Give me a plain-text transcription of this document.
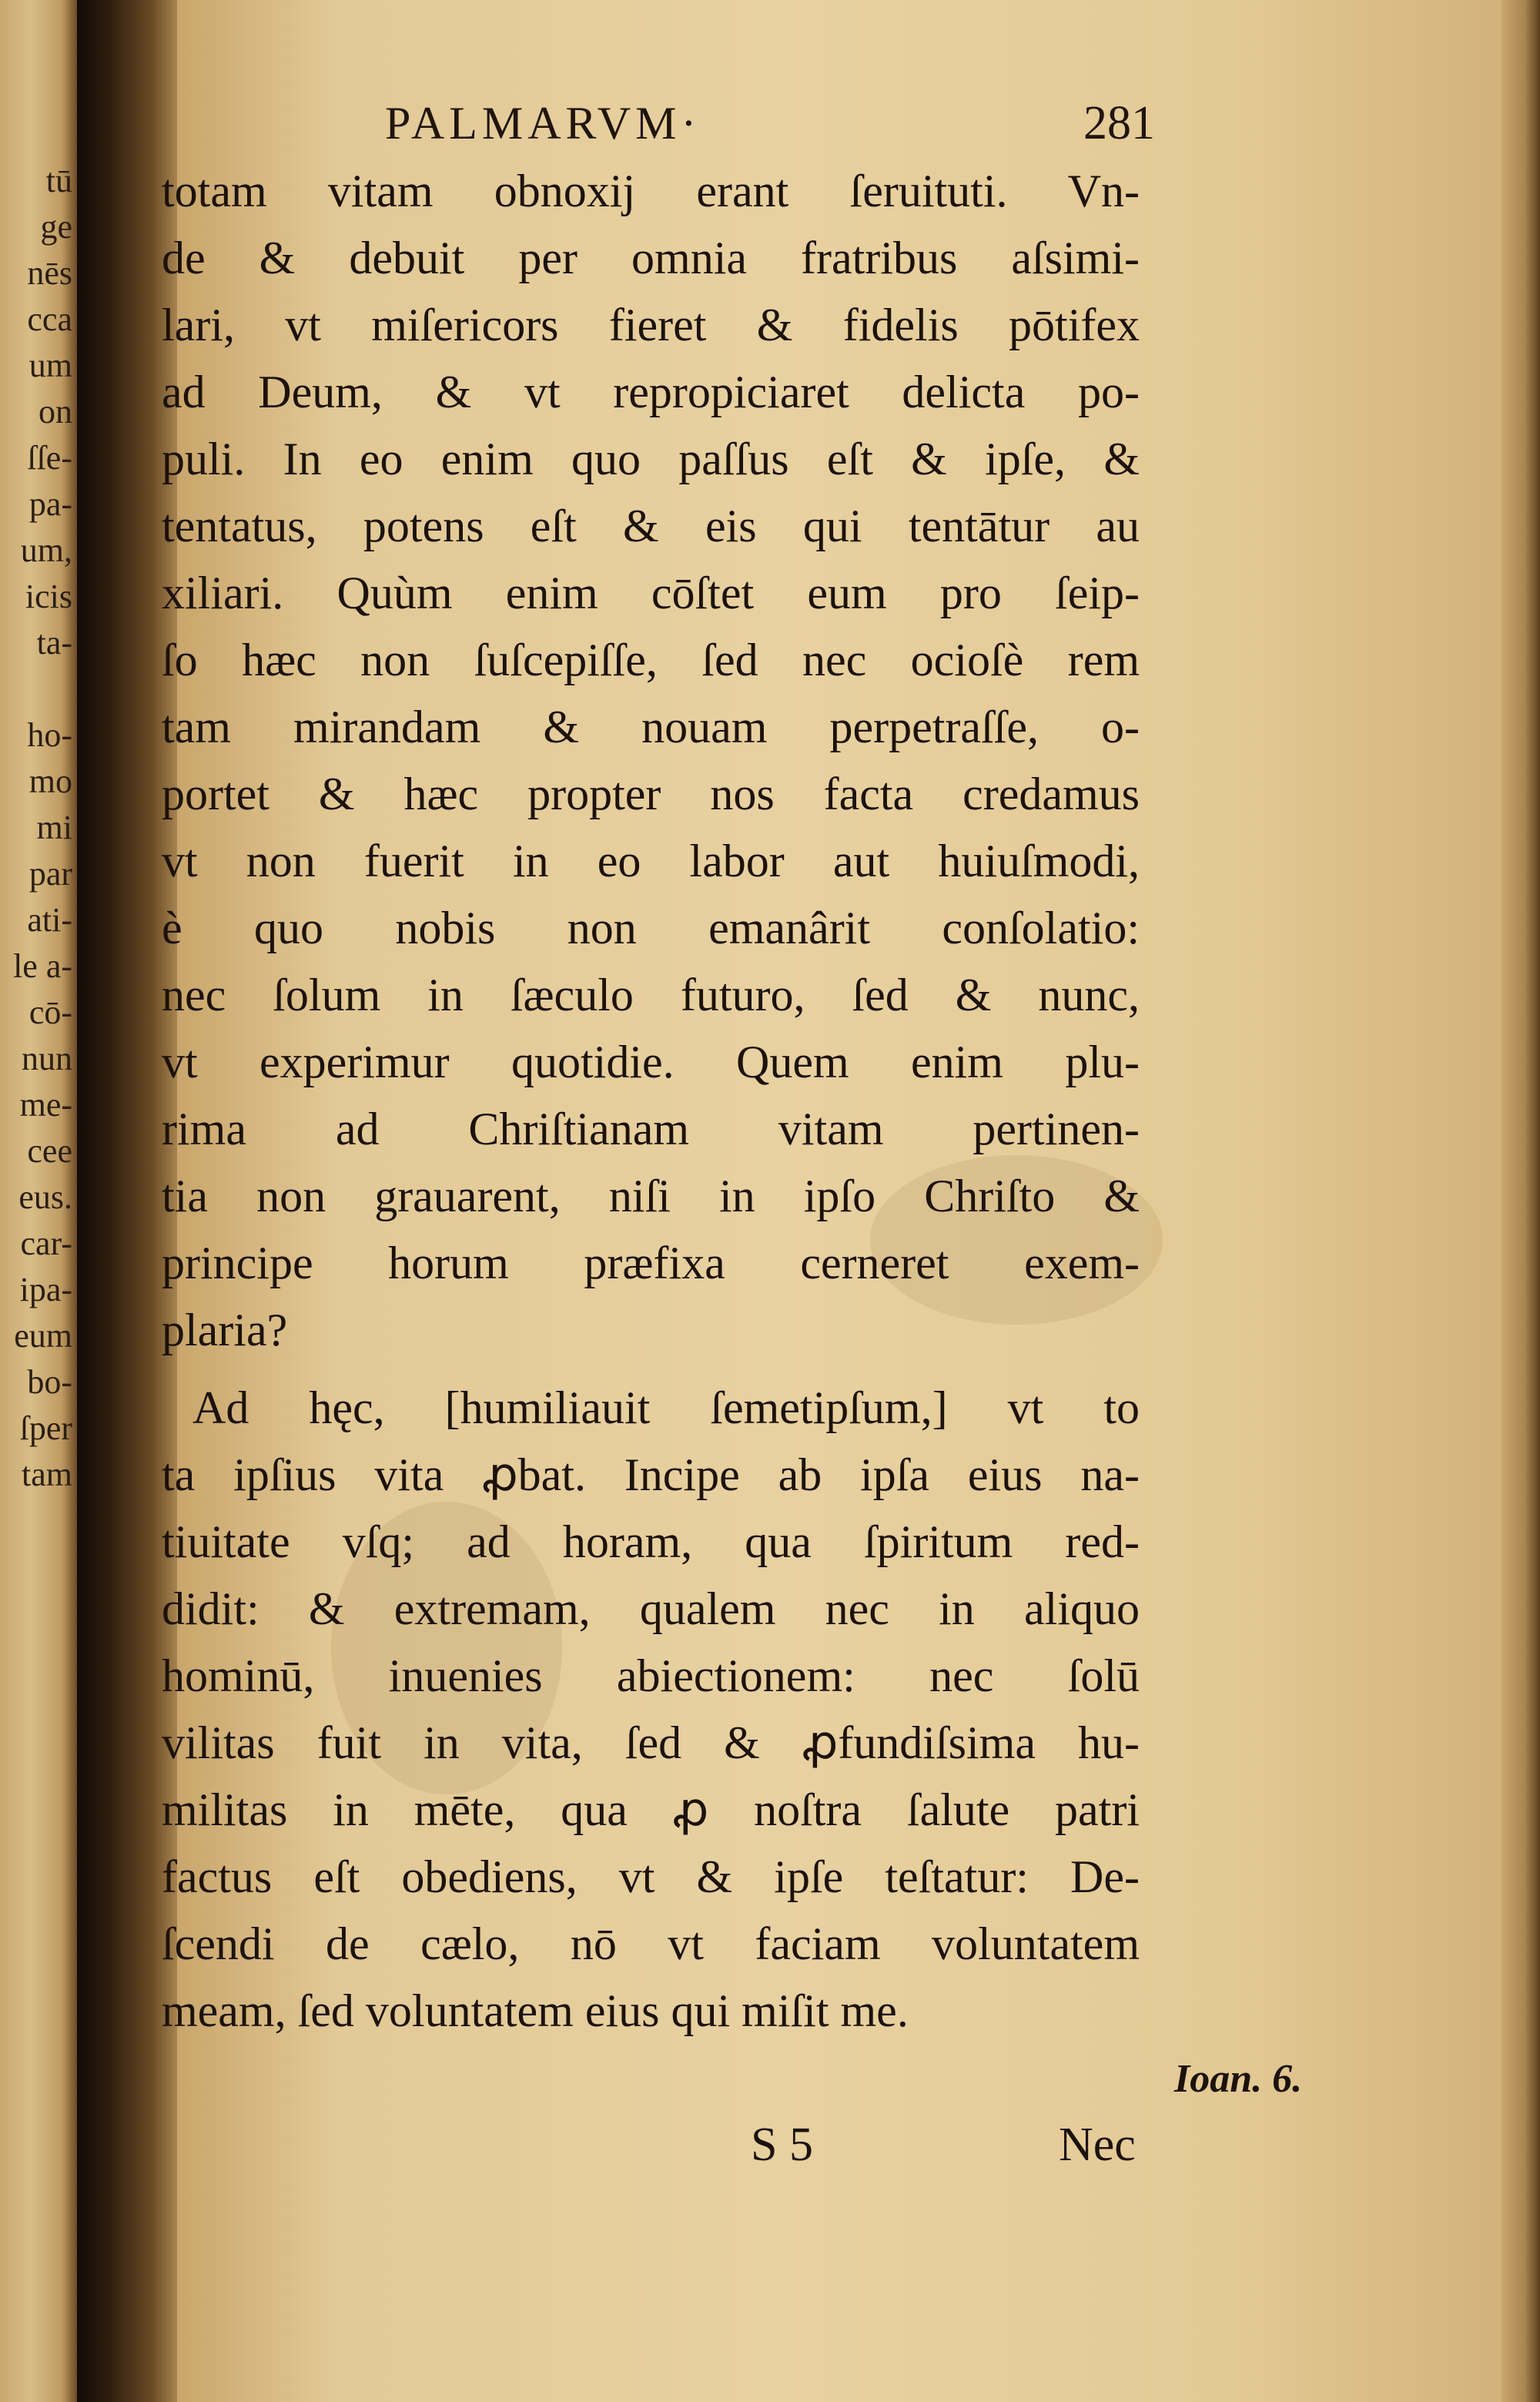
tū
ge
nēs
cca
um
on
ſſe-
pa-
um,
icis
ta-
ho-
mo
mi
par
ati-
le a-
cō-
nun
me-
cee
eus.
car-
ipa-
eum
bo-
ſper
tam
PALMARVM·	281
totam vitam obnoxij erant ſeruituti. Vn-
de & debuit per omnia fratribus aſsimi-
lari, vt miſericors fieret & fidelis pōtifex
ad Deum, & vt repropiciaret delicta po-
puli. In eo enim quo paſſus eſt & ipſe, &
tentatus, potens eſt & eis qui tentātur au
xiliari. Quùm enim cōſtet eum pro ſeip-
ſo hæc non ſuſcepiſſe, ſed nec ocioſè rem
tam mirandam & nouam perpetraſſe, o-
portet & hæc propter nos facta credamus
vt non fuerit in eo labor aut huiuſmodi,
è quo nobis non emanârit conſolatio:
nec ſolum in ſæculo futuro, ſed & nunc,
vt experimur quotidie. Quem enim plu-
rima ad Chriſtianam vitam pertinen-
tia non grauarent, niſi in ipſo Chriſto &
principe horum præfixa cerneret exem-
plaria?
Ad hęc, [humiliauit ſemetipſum,] vt to
ta ipſius vita ꝓbat. Incipe ab ipſa eius na-
tiuitate vſq; ad horam, qua ſpiritum red-
didit: & extremam, qualem nec in aliquo
hominū, inuenies abiectionem: nec ſolū
vilitas fuit in vita, ſed & ꝓfundiſsima hu-
militas in mēte, qua ꝓ noſtra ſalute patri
factus eſt obediens, vt & ipſe teſtatur: De-
ſcendi de cælo, nō vt faciam voluntatem
meam, ſed voluntatem eius qui miſit me.
Ioan. 6.
S 5	Nec
